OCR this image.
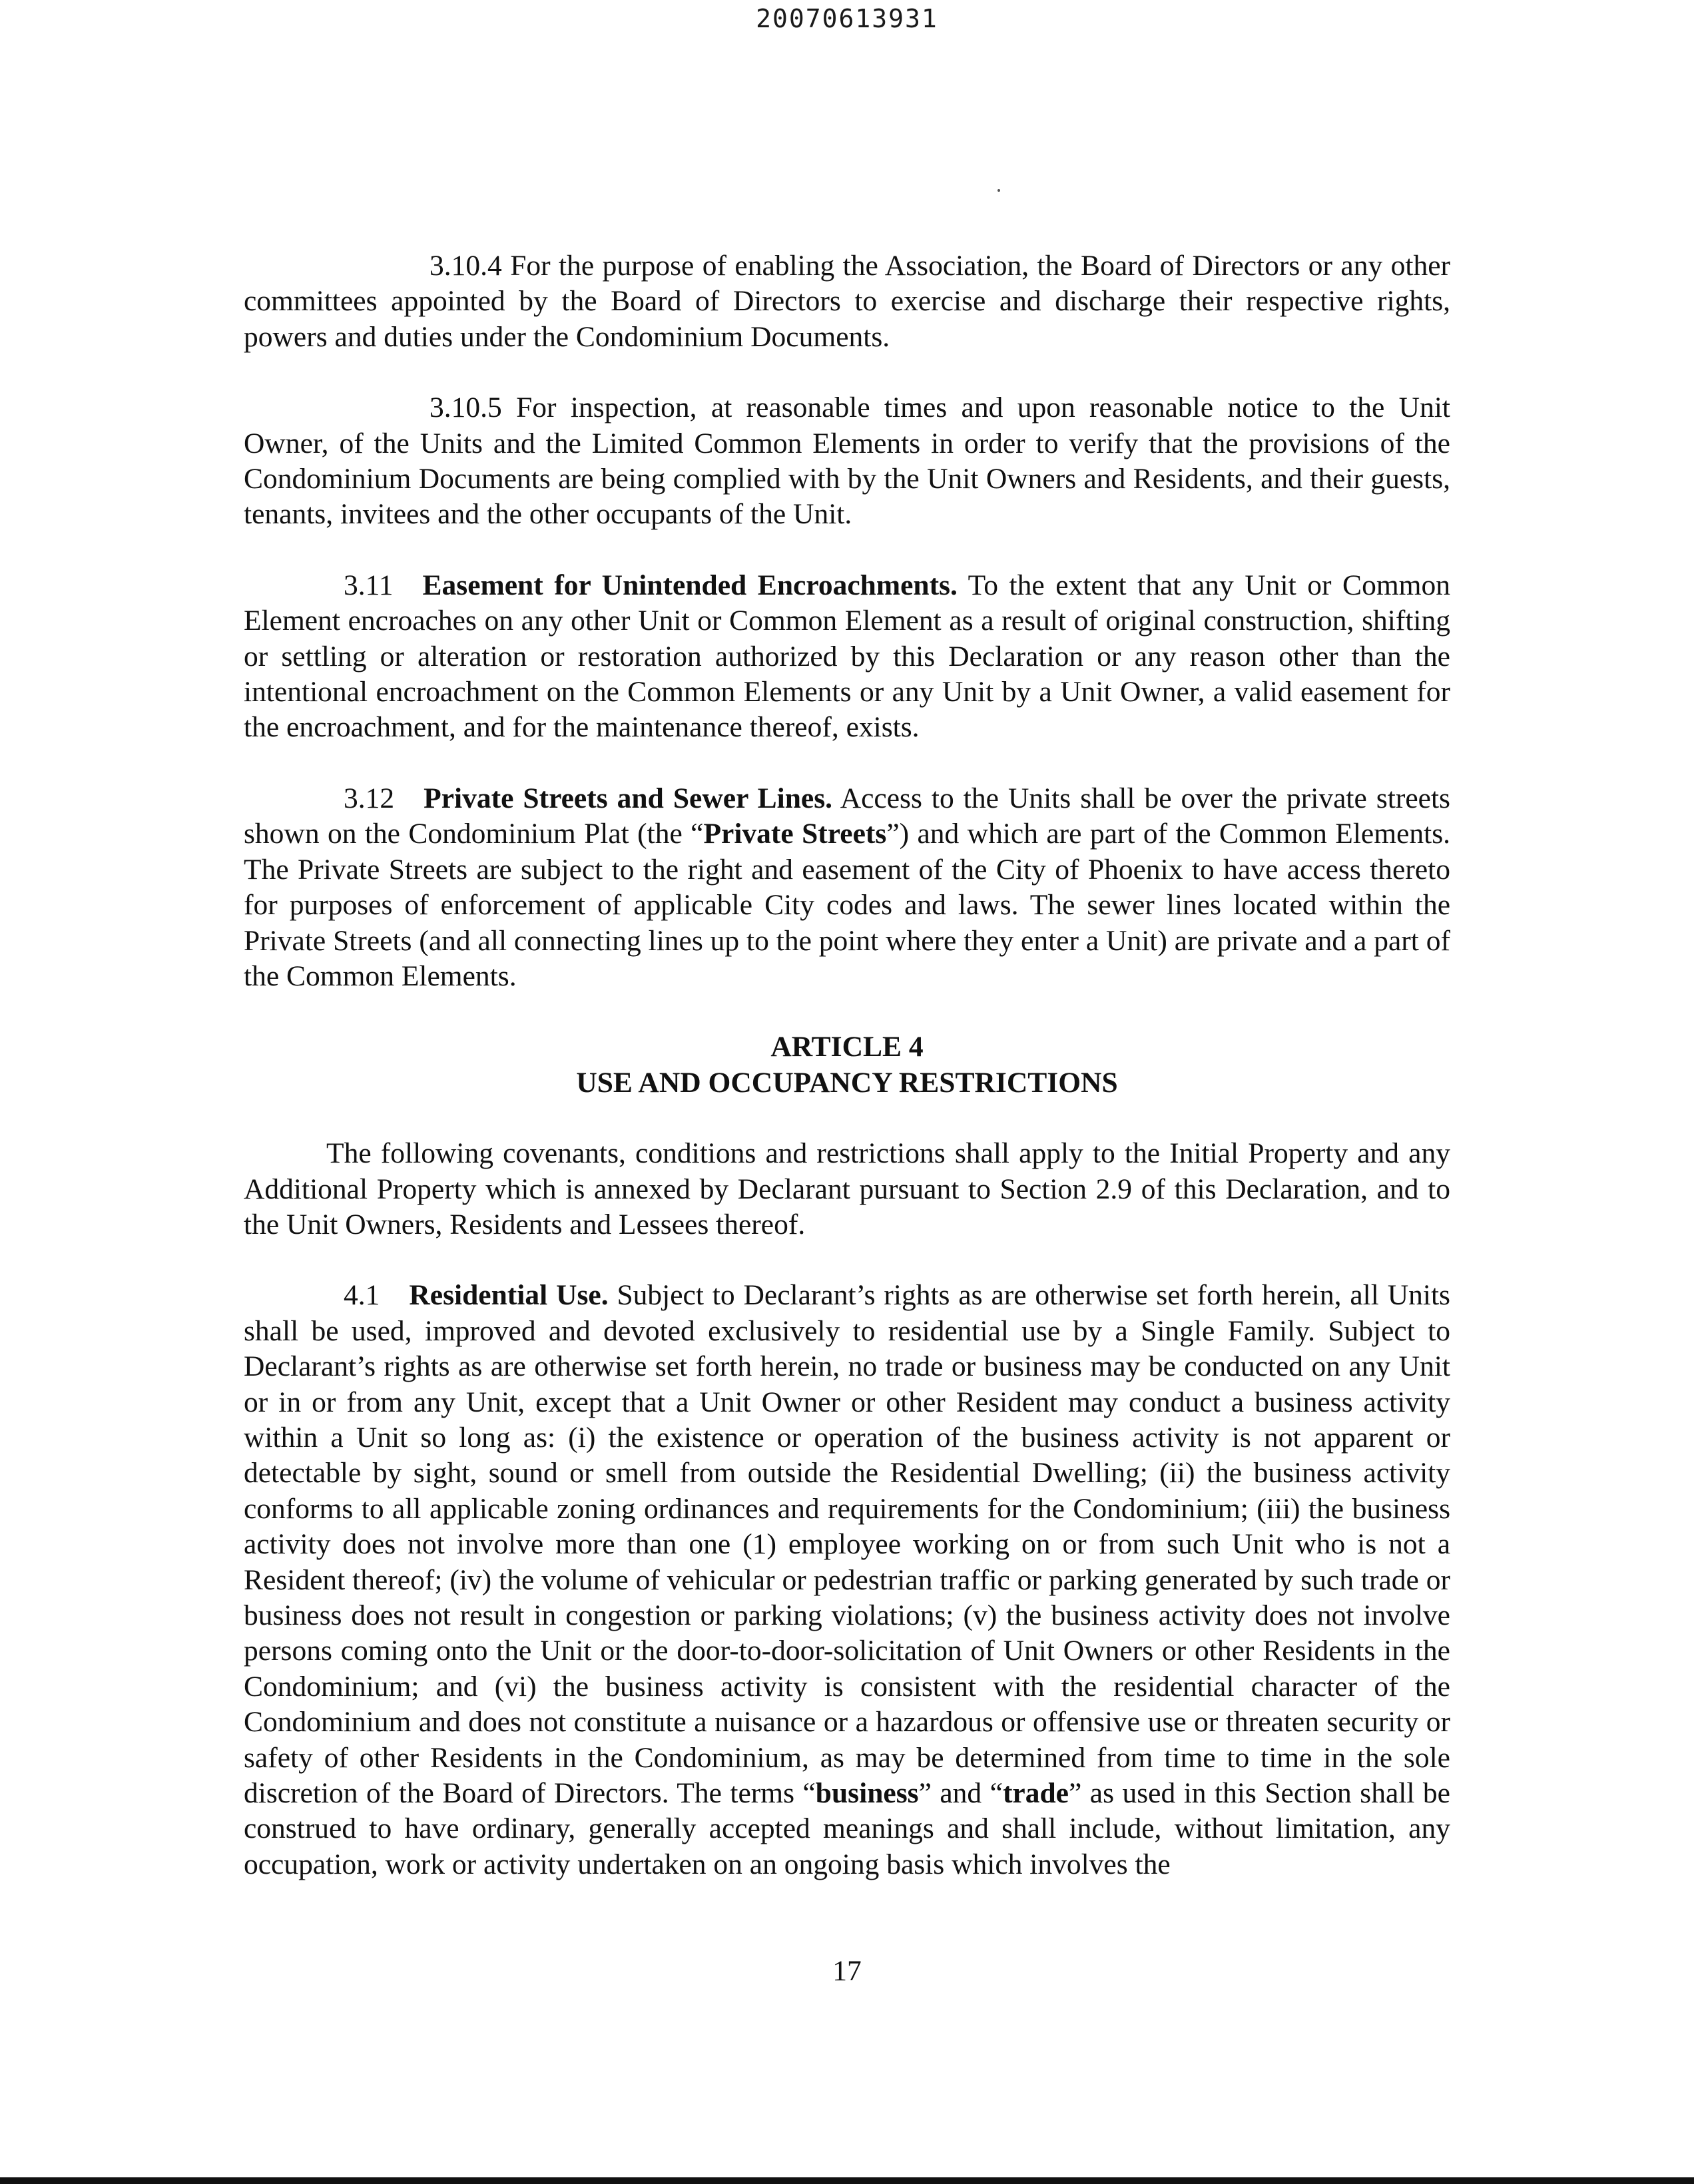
20070613931

3.10.4 For the purpose of enabling the Association, the Board of Directors or any other committees appointed by the Board of Directors to exercise and discharge their respective rights, powers and duties under the Condominium Documents.

3.10.5 For inspection, at reasonable times and upon reasonable notice to the Unit Owner, of the Units and the Limited Common Elements in order to verify that the provisions of the Condominium Documents are being complied with by the Unit Owners and Residents, and their guests, tenants, invitees and the other occupants of the Unit.

3.11 Easement for Unintended Encroachments. To the extent that any Unit or Common Element encroaches on any other Unit or Common Element as a result of original construction, shifting or settling or alteration or restoration authorized by this Declaration or any reason other than the intentional encroachment on the Common Elements or any Unit by a Unit Owner, a valid easement for the encroachment, and for the maintenance thereof, exists.

3.12 Private Streets and Sewer Lines. Access to the Units shall be over the private streets shown on the Condominium Plat (the “Private Streets”) and which are part of the Common Elements. The Private Streets are subject to the right and easement of the City of Phoenix to have access thereto for purposes of enforcement of applicable City codes and laws. The sewer lines located within the Private Streets (and all connecting lines up to the point where they enter a Unit) are private and a part of the Common Elements.

ARTICLE 4
USE AND OCCUPANCY RESTRICTIONS

The following covenants, conditions and restrictions shall apply to the Initial Property and any Additional Property which is annexed by Declarant pursuant to Section 2.9 of this Declaration, and to the Unit Owners, Residents and Lessees thereof.

4.1 Residential Use. Subject to Declarant’s rights as are otherwise set forth herein, all Units shall be used, improved and devoted exclusively to residential use by a Single Family. Subject to Declarant’s rights as are otherwise set forth herein, no trade or business may be conducted on any Unit or in or from any Unit, except that a Unit Owner or other Resident may conduct a business activity within a Unit so long as: (i) the existence or operation of the business activity is not apparent or detectable by sight, sound or smell from outside the Residential Dwelling; (ii) the business activity conforms to all applicable zoning ordinances and requirements for the Condominium; (iii) the business activity does not involve more than one (1) employee working on or from such Unit who is not a Resident thereof; (iv) the volume of vehicular or pedestrian traffic or parking generated by such trade or business does not result in congestion or parking violations; (v) the business activity does not involve persons coming onto the Unit or the door-to-door-solicitation of Unit Owners or other Residents in the Condominium; and (vi) the business activity is consistent with the residential character of the Condominium and does not constitute a nuisance or a hazardous or offensive use or threaten security or safety of other Residents in the Condominium, as may be determined from time to time in the sole discretion of the Board of Directors. The terms “business” and “trade” as used in this Section shall be construed to have ordinary, generally accepted meanings and shall include, without limitation, any occupation, work or activity undertaken on an ongoing basis which involves the

17
